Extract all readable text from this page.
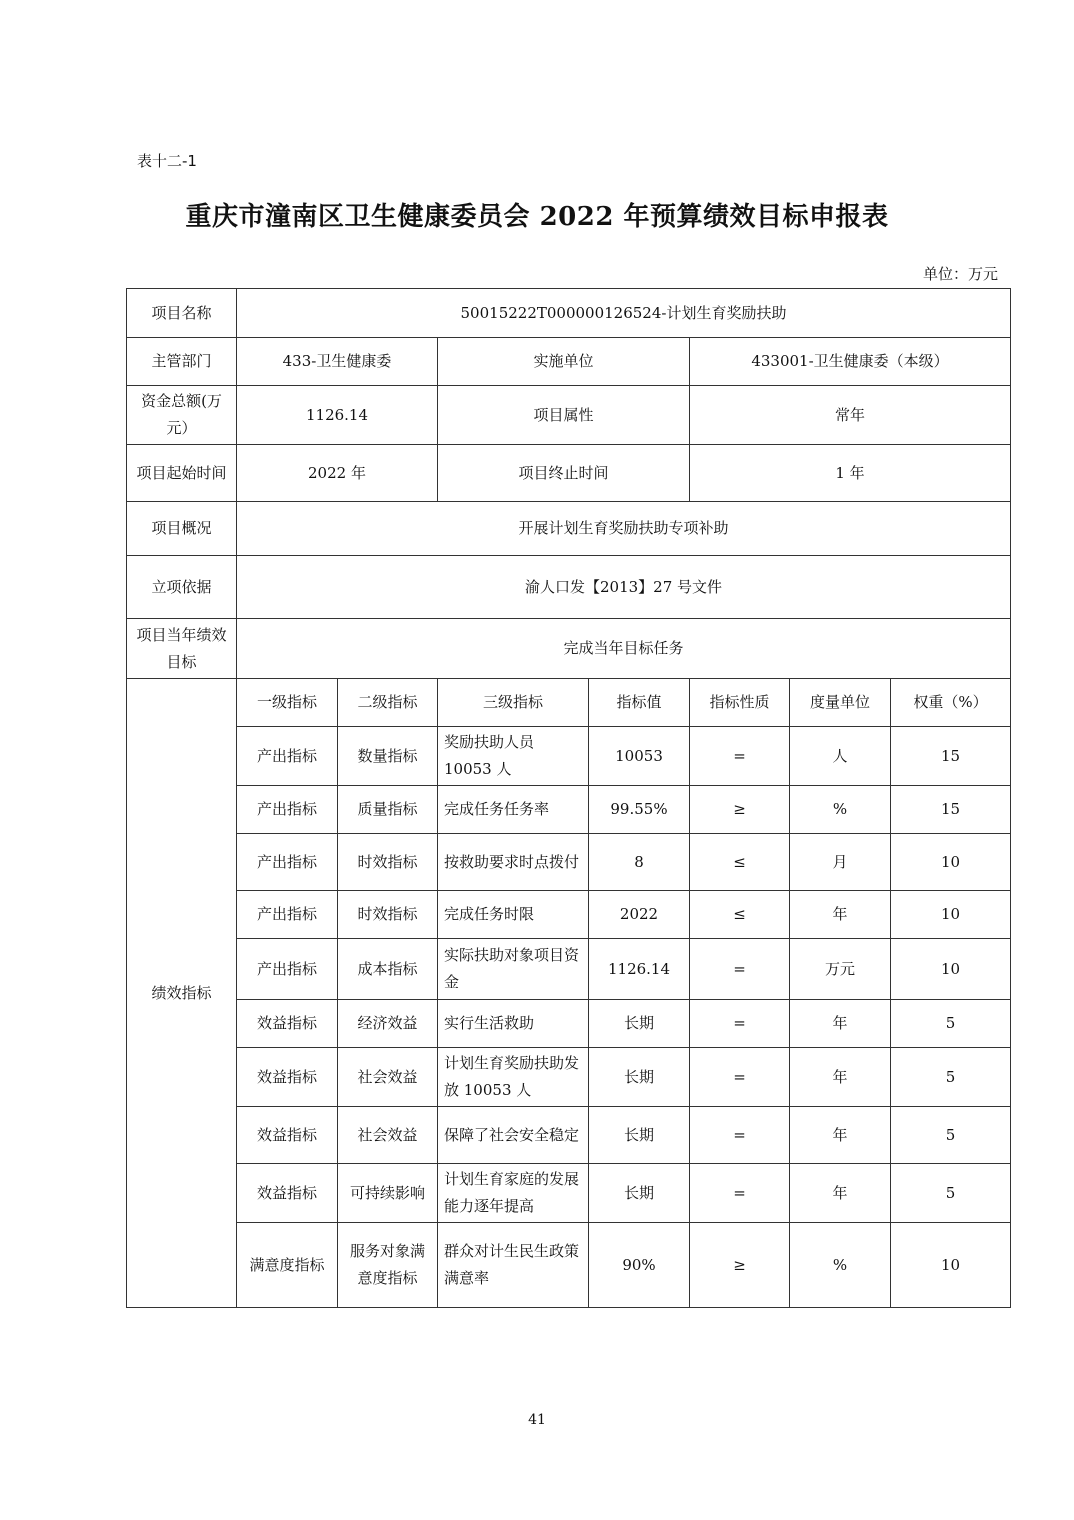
表十二-1
重庆市潼南区卫生健康委员会 2022 年预算绩效目标申报表
单位：万元
项目名称	50015222T000000126524-计划生育奖励扶助						
主管部门	433-卫生健康委		实施单位		433001-卫生健康委（本级）		
资金总额(万元）	1126.14		项目属性		常年		
项目起始时间	2022 年		项目终止时间		1 年		
项目概况	开展计划生育奖励扶助专项补助						
立项依据	渝人口发【2013】27 号文件						
项目当年绩效目标	完成当年目标任务						
绩效指标	一级指标	二级指标	三级指标	指标值	指标性质	度量单位	权重（%）
	产出指标	数量指标	奖励扶助人员 10053 人	10053	=	人	15
	产出指标	质量指标	完成任务任务率	99.55%	≥	%	15
	产出指标	时效指标	按救助要求时点拨付	8	≤	月	10
	产出指标	时效指标	完成任务时限	2022	≤	年	10
	产出指标	成本指标	实际扶助对象项目资金	1126.14	=	万元	10
	效益指标	经济效益	实行生活救助	长期	=	年	5
	效益指标	社会效益	计划生育奖励扶助发放 10053 人	长期	=	年	5
	效益指标	社会效益	保障了社会安全稳定	长期	=	年	5
	效益指标	可持续影响	计划生育家庭的发展能力逐年提高	长期	=	年	5
	满意度指标	服务对象满意度指标	群众对计生民生政策满意率	90%	≥	%	10
41
